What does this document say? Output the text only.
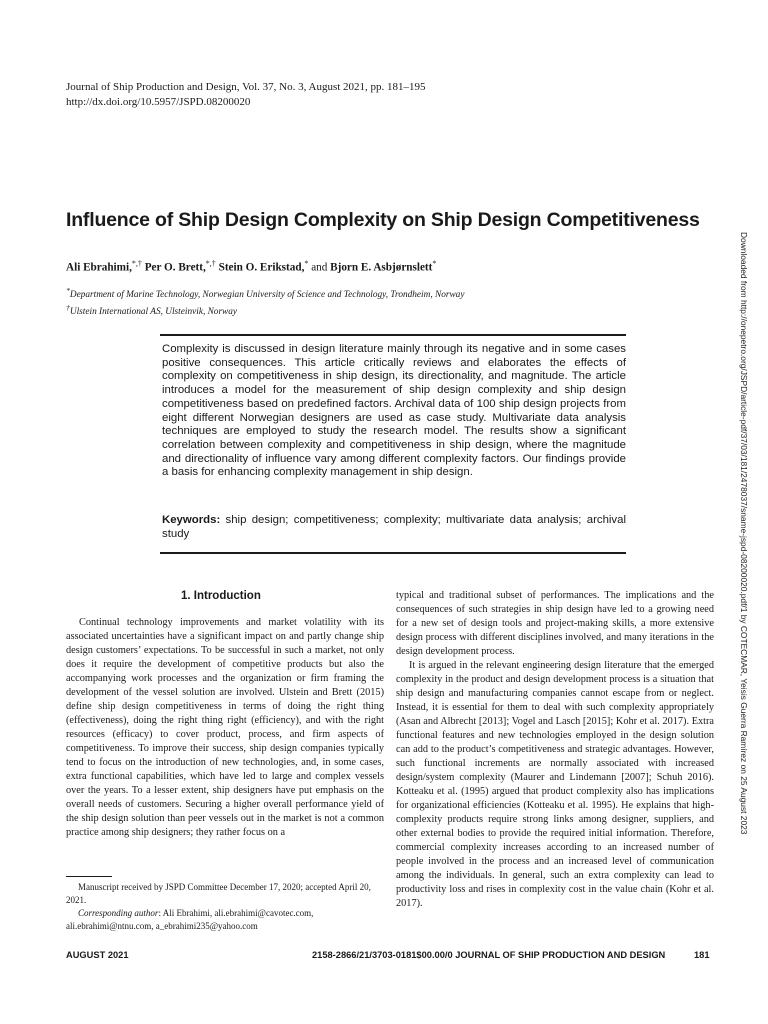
Journal of Ship Production and Design, Vol. 37, No. 3, August 2021, pp. 181–195
http://dx.doi.org/10.5957/JSPD.08200020
Downloaded from http://onepetro.org/JSPD/article-pdf/37/03/181/2478037/sname-jspd-08200020.pdf/1 by COTECMAR, Yeisis Guerra Ramírez on 25 August 2023
Influence of Ship Design Complexity on Ship Design Competitiveness
Ali Ebrahimi,*,† Per O. Brett,*,† Stein O. Erikstad,* and Bjorn E. Asbjørnslett*
*Department of Marine Technology, Norwegian University of Science and Technology, Trondheim, Norway
†Ulstein International AS, Ulsteinvik, Norway

Complexity is discussed in design literature mainly through its negative and in some cases positive consequences. This article critically reviews and elaborates the effects of complexity on competitiveness in ship design, its directionality, and magnitude. The article introduces a model for the measurement of ship design complexity and ship design competitiveness based on predefined factors. Archival data of 100 ship design projects from eight different Norwegian designers are used as case study. Multivariate data analysis techniques are employed to study the research model. The results show a significant correlation between complexity and competitiveness in ship design, where the magnitude and directionality of influence vary among different complexity factors. Our findings provide a basis for enhancing complexity management in ship design.

Keywords: ship design; competitiveness; complexity; multivariate data analysis; archival study

1. Introduction

Continual technology improvements and market volatility with its associated uncertainties have a significant impact on and partly change ship design customers’ expectations. To be successful in such a market, not only does it require the development of competitive products but also the accompanying work processes and the organization or firm framing the development of the vessel solution are involved. Ulstein and Brett (2015) define ship design competitiveness in terms of doing the right thing (effectiveness), doing the right thing right (efficiency), and with the right resources (efficacy) to cover product, process, and firm aspects of competitiveness. To improve their success, ship design companies typically tend to focus on the introduction of new technologies, and, in some cases, extra functional capabilities, which have led to large and complex vessels over the years. To a lesser extent, ship designers have put emphasis on the overall needs of customers. Securing a higher overall performance yield of the ship design solution than peer vessels out in the market is not a common practice among ship designers; they rather focus on a

typical and traditional subset of performances. The implications and the consequences of such strategies in ship design have led to a growing need for a new set of design tools and project-making skills, a more extensive design process with different disciplines involved, and many iterations in the design development process.

It is argued in the relevant engineering design literature that the emerged complexity in the product and design development process is a situation that ship design and manufacturing companies cannot escape from or neglect. Instead, it is essential for them to deal with such complexity appropriately (Asan and Albrecht [2013]; Vogel and Lasch [2015]; Kohr et al. 2017). Extra functional features and new technologies employed in the design solution can add to the product’s competitiveness and strategic advantages. However, such functional increments are normally associated with increased design/system complexity (Maurer and Lindemann [2007]; Schuh 2016). Kotteaku et al. (1995) argued that product complexity also has implications for organizational efficiencies (Kotteaku et al. 1995). He explains that high-complexity products require strong links among designer, suppliers, and other external bodies to provide the required initial information. Therefore, commercial complexity increases according to an increased number of people involved in the process and an increased level of communication among the individuals. In general, such an extra complexity can lead to productivity loss and rises in complexity cost in the value chain (Kohr et al. 2017).

Manuscript received by JSPD Committee December 17, 2020; accepted April 20, 2021.

Corresponding author: Ali Ebrahimi, ali.ebrahimi@cavotec.com, ali.ebrahimi@ntnu.com, a_ebrahimi235@yahoo.com

AUGUST 2021	2158-2866/21/3703-0181$00.00/0 JOURNAL OF SHIP PRODUCTION AND DESIGN	181
